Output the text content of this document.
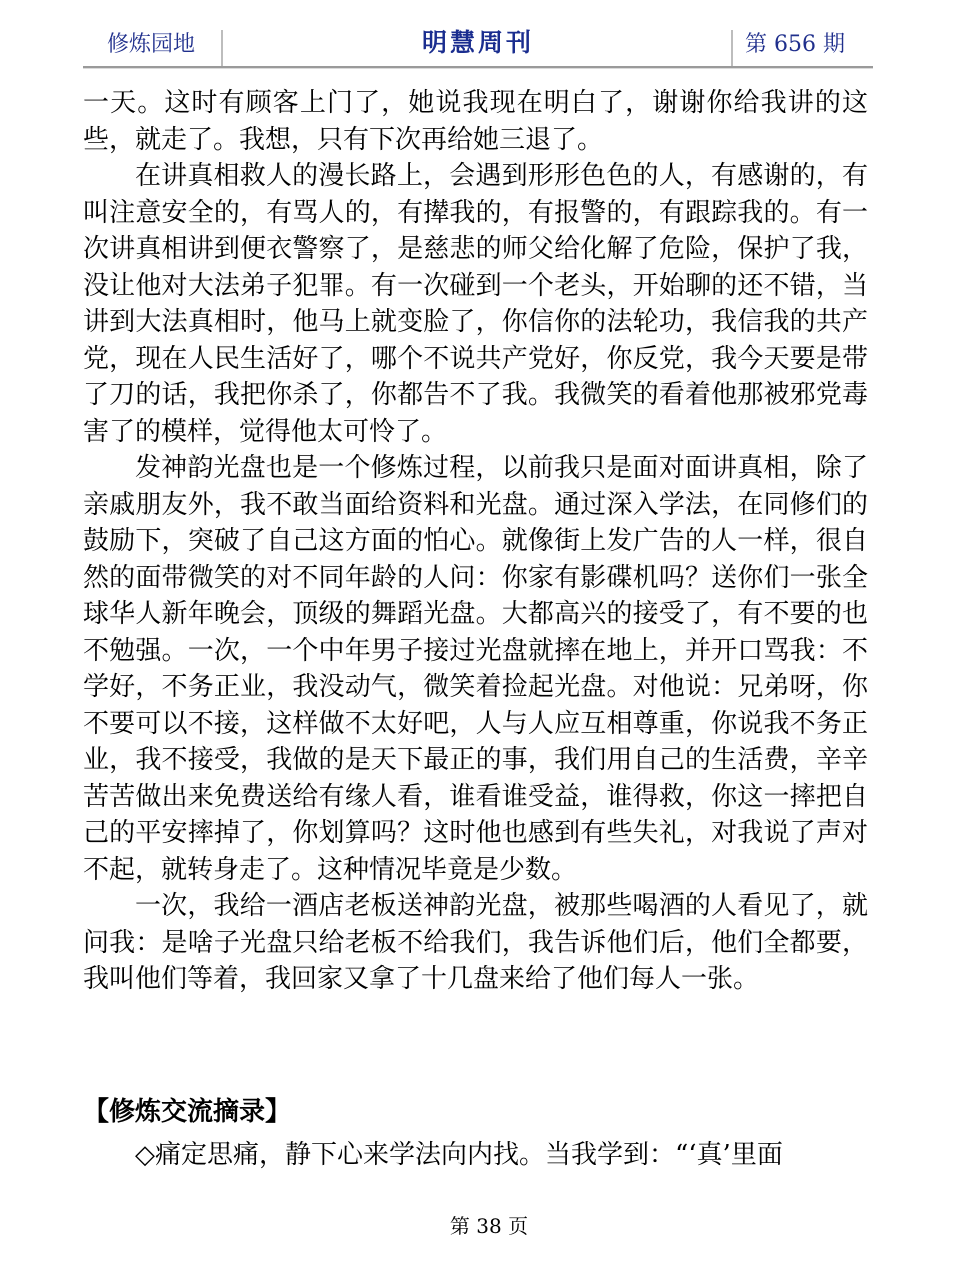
修炼园地	明慧周刊	第 656 期

一天。这时有顾客上门了，她说我现在明白了，谢谢你给我讲的这些，就走了。我想，只有下次再给她三退了。

在讲真相救人的漫长路上，会遇到形形色色的人，有感谢的，有叫注意安全的，有骂人的，有撵我的，有报警的，有跟踪我的。有一次讲真相讲到便衣警察了，是慈悲的师父给化解了危险，保护了我，没让他对大法弟子犯罪。有一次碰到一个老头，开始聊的还不错，当讲到大法真相时，他马上就变脸了，你信你的法轮功，我信我的共产党，现在人民生活好了，哪个不说共产党好，你反党，我今天要是带了刀的话，我把你杀了，你都告不了我。我微笑的看着他那被邪党毒害了的模样，觉得他太可怜了。

发神韵光盘也是一个修炼过程，以前我只是面对面讲真相，除了亲戚朋友外，我不敢当面给资料和光盘。通过深入学法，在同修们的鼓励下，突破了自己这方面的怕心。就像街上发广告的人一样，很自然的面带微笑的对不同年龄的人问：你家有影碟机吗？送你们一张全球华人新年晚会，顶级的舞蹈光盘。大都高兴的接受了，有不要的也不勉强。一次，一个中年男子接过光盘就摔在地上，并开口骂我：不学好，不务正业，我没动气，微笑着捡起光盘。对他说：兄弟呀，你不要可以不接，这样做不太好吧，人与人应互相尊重，你说我不务正业，我不接受，我做的是天下最正的事，我们用自己的生活费，辛辛苦苦做出来免费送给有缘人看，谁看谁受益，谁得救，你这一摔把自己的平安摔掉了，你划算吗？这时他也感到有些失礼，对我说了声对不起，就转身走了。这种情况毕竟是少数。

一次，我给一酒店老板送神韵光盘，被那些喝酒的人看见了，就问我：是啥子光盘只给老板不给我们，我告诉他们后，他们全都要，我叫他们等着，我回家又拿了十几盘来给了他们每人一张。

【修炼交流摘录】
◇痛定思痛，静下心来学法向内找。当我学到：“‘真’里面
第 38 页
